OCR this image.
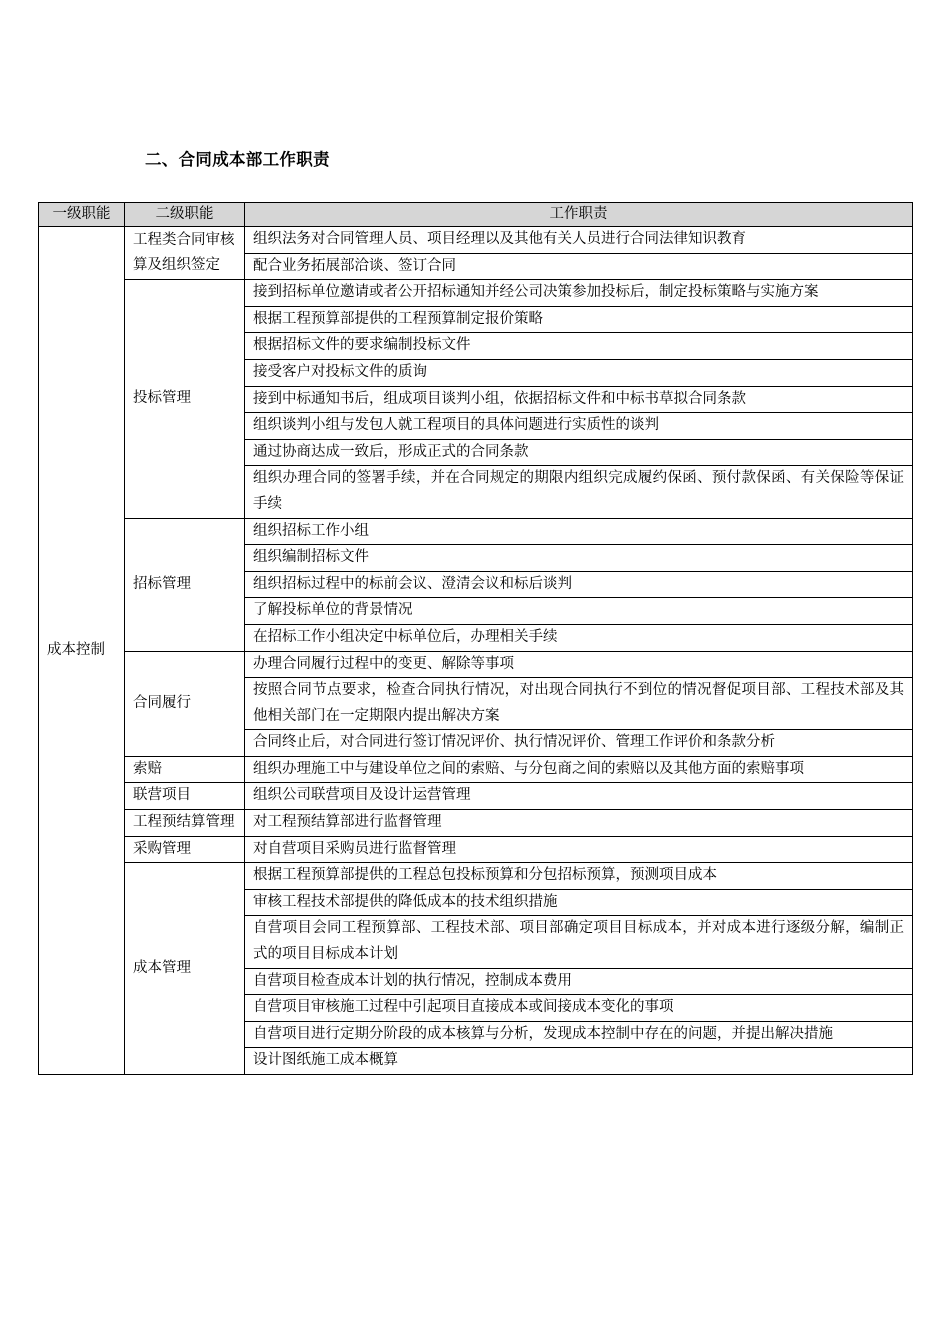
二、合同成本部工作职责
一级职能	二级职能	工作职责
成本控制	工程类合同审核算及组织签定	组织法务对合同管理人员、项目经理以及其他有关人员进行合同法律知识教育
		配合业务拓展部洽谈、签订合同
	投标管理	接到招标单位邀请或者公开招标通知并经公司决策参加投标后，制定投标策略与实施方案
		根据工程预算部提供的工程预算制定报价策略
		根据招标文件的要求编制投标文件
		接受客户对投标文件的质询
		接到中标通知书后，组成项目谈判小组，依据招标文件和中标书草拟合同条款
		组织谈判小组与发包人就工程项目的具体问题进行实质性的谈判
		通过协商达成一致后，形成正式的合同条款
		组织办理合同的签署手续，并在合同规定的期限内组织完成履约保函、预付款保函、有关保险等保证手续
	招标管理	组织招标工作小组
		组织编制招标文件
		组织招标过程中的标前会议、澄清会议和标后谈判
		了解投标单位的背景情况
		在招标工作小组决定中标单位后，办理相关手续
	合同履行	办理合同履行过程中的变更、解除等事项
		按照合同节点要求，检查合同执行情况，对出现合同执行不到位的情况督促项目部、工程技术部及其他相关部门在一定期限内提出解决方案
		合同终止后，对合同进行签订情况评价、执行情况评价、管理工作评价和条款分析
	索赔	组织办理施工中与建设单位之间的索赔、与分包商之间的索赔以及其他方面的索赔事项
	联营项目	组织公司联营项目及设计运营管理
	工程预结算管理	对工程预结算部进行监督管理
	采购管理	对自营项目采购员进行监督管理
	成本管理	根据工程预算部提供的工程总包投标预算和分包招标预算，预测项目成本
		审核工程技术部提供的降低成本的技术组织措施
		自营项目会同工程预算部、工程技术部、项目部确定项目目标成本，并对成本进行逐级分解，编制正式的项目目标成本计划
		自营项目检查成本计划的执行情况，控制成本费用
		自营项目审核施工过程中引起项目直接成本或间接成本变化的事项
		自营项目进行定期分阶段的成本核算与分析，发现成本控制中存在的问题，并提出解决措施
		设计图纸施工成本概算
